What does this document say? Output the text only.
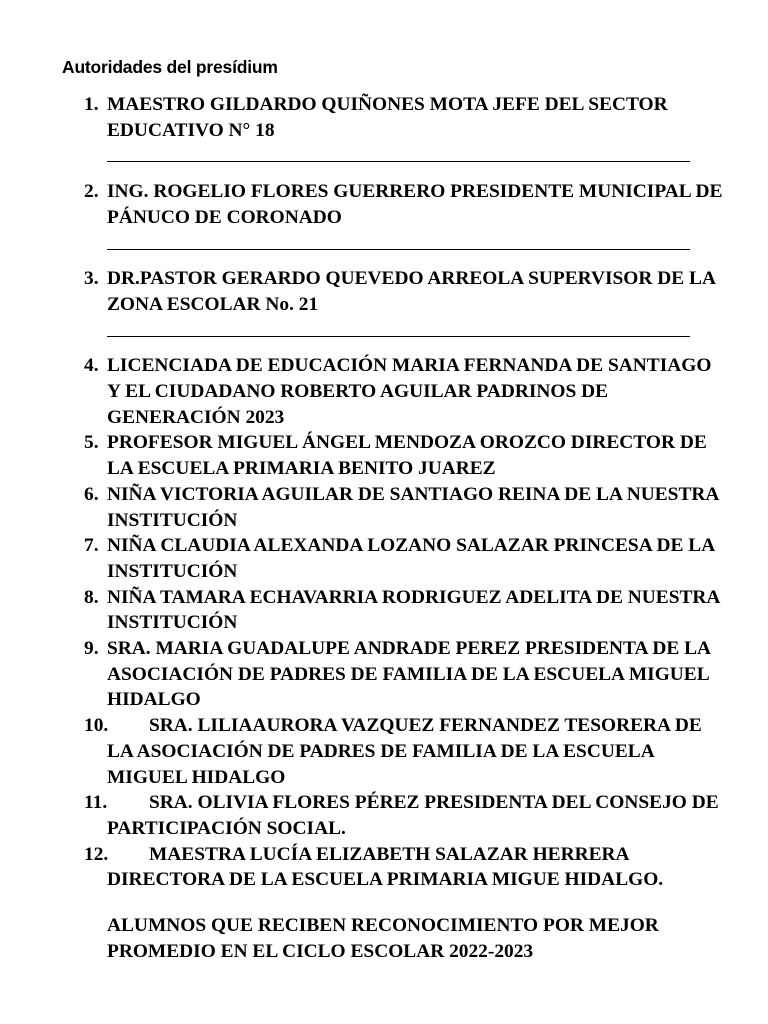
Autoridades del presídium

1. MAESTRO GILDARDO QUIÑONES MOTA JEFE DEL SECTOR EDUCATIVO N° 18
2. ING. ROGELIO FLORES GUERRERO PRESIDENTE MUNICIPAL DE PÁNUCO DE CORONADO
3. DR.PASTOR GERARDO QUEVEDO ARREOLA SUPERVISOR DE LA ZONA ESCOLAR No. 21
4. LICENCIADA DE EDUCACIÓN MARIA FERNANDA DE SANTIAGO Y EL CIUDADANO ROBERTO AGUILAR PADRINOS DE GENERACIÓN 2023
5. PROFESOR MIGUEL ÁNGEL MENDOZA OROZCO DIRECTOR DE LA ESCUELA PRIMARIA BENITO JUAREZ
6. NIÑA VICTORIA AGUILAR DE SANTIAGO REINA DE LA NUESTRA INSTITUCIÓN
7. NIÑA CLAUDIA ALEXANDA LOZANO SALAZAR PRINCESA DE LA INSTITUCIÓN
8. NIÑA TAMARA ECHAVARRIA RODRIGUEZ ADELITA DE NUESTRA INSTITUCIÓN
9. SRA. MARIA GUADALUPE ANDRADE PEREZ PRESIDENTA DE LA ASOCIACIÓN DE PADRES DE FAMILIA DE LA ESCUELA MIGUEL HIDALGO
10. SRA. LILIAAURORA VAZQUEZ FERNANDEZ TESORERA DE LA ASOCIACIÓN DE PADRES DE FAMILIA DE LA ESCUELA MIGUEL HIDALGO
11. SRA. OLIVIA FLORES PÉREZ PRESIDENTA DEL CONSEJO DE PARTICIPACIÓN SOCIAL.
12. MAESTRA LUCÍA ELIZABETH SALAZAR HERRERA DIRECTORA DE LA ESCUELA PRIMARIA MIGUE HIDALGO.

ALUMNOS QUE RECIBEN RECONOCIMIENTO POR MEJOR PROMEDIO EN EL CICLO ESCOLAR 2022-2023
